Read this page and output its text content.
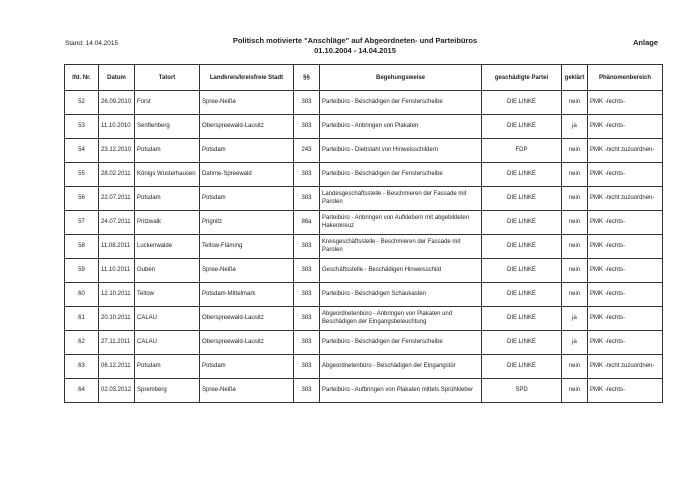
Stand: 14.04.2015	Politisch motivierte "Anschläge" auf Abgeordneten- und Parteibüros
01.10.2004 - 14.04.2015
Anlage
lfd. Nr.	Datum	Tatort	Landkreis/kreisfreie Stadt	§§	Begehungsweise	geschädigte Partei	geklärt	Phänomenbereich
52	26.09.2010	Forst	Spree-Neiße	303	Parteibüro - Beschädigen der Fensterscheibe	DIE LINKE	nein	PMK -rechts-
53	11.10.2010	Senftenberg	Oberspreewald-Lausitz	303	Parteibüro - Anbringen von Plakaten	DIE LINKE	ja	PMK -rechts-
54	23.12.2010	Potsdam	Potsdam	243	Parteibüro - Diebstahl von Hinweisschildern	FDP	nein	PMK -nicht zuzuordnen-
55	28.02.2011	Königs Wusterhausen	Dahme-Spreewald	303	Parteibüro - Beschädigen der Fensterscheibe	DIE LINKE	nein	PMK -rechts-
56	22.07.2011	Potsdam	Potsdam	303	Landesgeschäftsstelle - Beschmieren der Fassade mit Parolen	DIE LINKE	nein	PMK -nicht zuzuordnen-
57	24.07.2011	Pritzwalk	Prignitz	86a	Parteibüro - Anbringen von Aufklebern mit abgebildeten Hakenkreuz	DIE LINKE	nein	PMK -rechts-
58	11.08.2011	Luckenwalde	Teltow-Fläming	303	Kreisgeschäftsstelle - Beschmieren der Fassade mit Parolen	DIE LINKE	nein	PMK -rechts-
59	11.10.2011	Guben	Spree-Neiße	303	Geschäftsstelle - Beschädigen Hinweisschild	DIE LINKE	nein	PMK -rechts-
60	12.10.2011	Teltow	Potsdam-Mittelmark	303	Parteibüro - Beschädigen Schaukasten	DIE LINKE	nein	PMK -rechts-
61	20.10.2011	CALAU	Oberspreewald-Lausitz	303	Abgeordnetenbüro - Anbringen von Plakaten und Beschädigen der Eingangsbeleuchtung	DIE LINKE	ja	PMK -rechts-
62	27.11.2011	CALAU	Oberspreewald-Lausitz	303	Parteibüro - Beschädigen der Fensterscheibe	DIE LINKE	ja	PMK -rechts-
63	06.12.2011	Potsdam	Potsdam	303	Abgeordnetenbüro - Beschädigen der Eingangstür	DIE LINKE	nein	PMK -nicht zuzuordnen-
64	02.03.2012	Spremberg	Spree-Neiße	303	Parteibüro - Aufbringen von Plakaten mittels Sprühkleber	SPD	nein	PMK -rechts-
